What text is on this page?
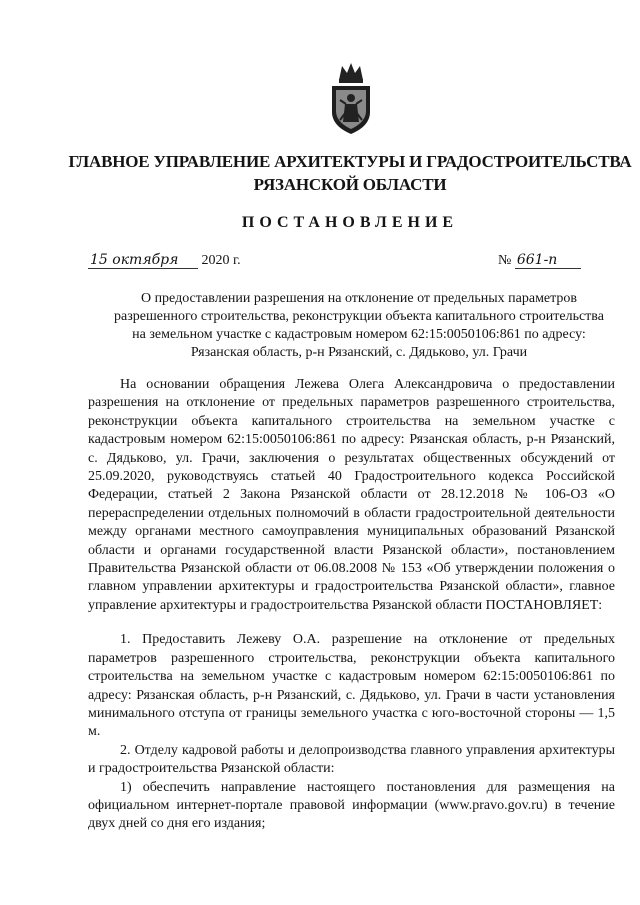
ГЛАВНОЕ УПРАВЛЕНИЕ АРХИТЕКТУРЫ И ГРАДОСТРОИТЕЛЬСТВА
РЯЗАНСКОЙ ОБЛАСТИ
ПОСТАНОВЛЕНИЕ
15 октября 2020 г.	№ 661-п
О предоставлении разрешения на отклонение от предельных параметров
разрешенного строительства, реконструкции объекта капитального строительства
на земельном участке с кадастровым номером 62:15:0050106:861 по адресу:
Рязанская область, р-н Рязанский, с. Дядьково, ул. Грачи

На основании обращения Лежева Олега Александровича о предоставлении разрешения на отклонение от предельных параметров разрешенного строительства, реконструкции объекта капитального строительства на земельном участке с кадастровым номером 62:15:0050106:861 по адресу: Рязанская область, р-н Рязанский, с. Дядьково, ул. Грачи, заключения о результатах общественных обсуждений от 25.09.2020, руководствуясь статьей 40 Градостроительного кодекса Российской Федерации, статьей 2 Закона Рязанской области от 28.12.2018 № 106-ОЗ «О перераспределении отдельных полномочий в области градостроительной деятельности между органами местного самоуправления муниципальных образований Рязанской области и органами государственной власти Рязанской области», постановлением Правительства Рязанской области от 06.08.2008 № 153 «Об утверждении положения о главном управлении архитектуры и градостроительства Рязанской области», главное управление архитектуры и градостроительства Рязанской области ПОСТАНОВЛЯЕТ:

1. Предоставить Лежеву О.А. разрешение на отклонение от предельных параметров разрешенного строительства, реконструкции объекта капитального строительства на земельном участке с кадастровым номером 62:15:0050106:861 по адресу: Рязанская область, р-н Рязанский, с. Дядьково, ул. Грачи в части установления минимального отступа от границы земельного участка с юго-восточной стороны — 1,5 м.

2. Отделу кадровой работы и делопроизводства главного управления архитектуры и градостроительства Рязанской области:

1) обеспечить направление настоящего постановления для размещения на официальном интернет-портале правовой информации (www.pravo.gov.ru) в течение двух дней со дня его издания;
